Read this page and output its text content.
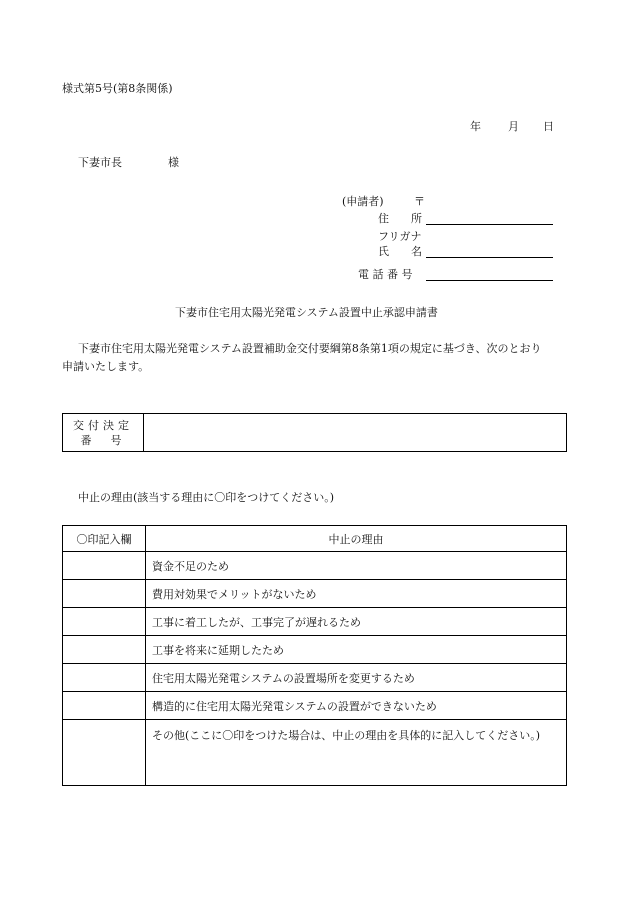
様式第5号(第8条関係)
年 月 日
下妻市長	様
(申請者)	〒
住　　所
フリガナ
氏　　名
電 話 番 号
下妻市住宅用太陽光発電システム設置中止承認申請書
下妻市住宅用太陽光発電システム設置補助金交付要綱第8条第1項の規定に基づき、次のとおり
申請いたします。
交付決定
番　号

中止の理由(該当する理由に〇印をつけてください。)
〇印記入欄	中止の理由
	資金不足のため
	費用対効果でメリットがないため
	工事に着工したが、工事完了が遅れるため
	工事を将来に延期したため
	住宅用太陽光発電システムの設置場所を変更するため
	構造的に住宅用太陽光発電システムの設置ができないため
	その他(ここに〇印をつけた場合は、中止の理由を具体的に記入してください。)
